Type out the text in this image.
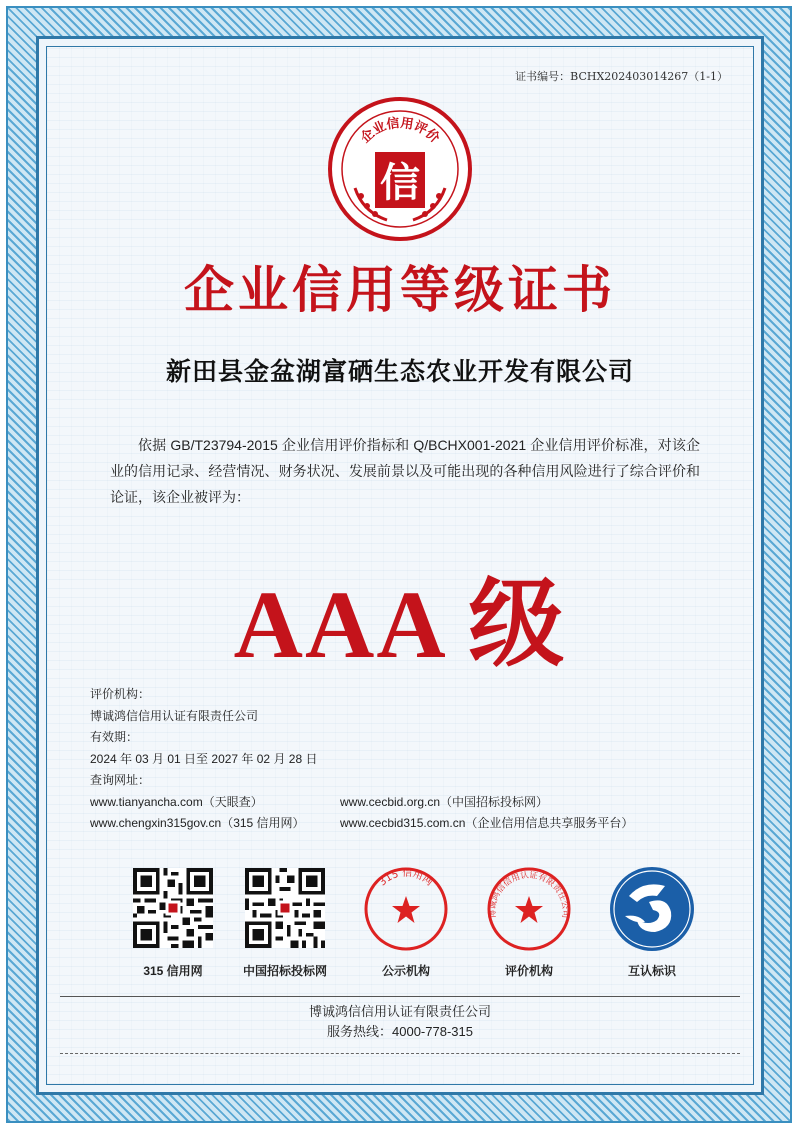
证书编号：BCHX202403014267（1-1）
企业信用评价
信
企业信用等级证书
新田县金盆湖富硒生态农业开发有限公司
依据 GB/T23794-2015 企业信用评价指标和 Q/BCHX001-2021 企业信用评价标准，对该企业的信用记录、经营情况、财务状况、发展前景以及可能出现的各种信用风险进行了综合评价和论证，该企业被评为：
AAA 级
评价机构：
博诚鸿信信用认证有限责任公司
有效期：
2024 年 03 月 01 日至 2027 年 02 月 28 日
查询网址：
www.tianyancha.com（天眼查）	www.cecbid.org.cn（中国招标投标网）
www.chengxin315gov.cn（315 信用网）	www.cecbid315.com.cn（企业信用信息共享服务平台）
315 信用网	中国招标投标网
315 信用网
公示机构
博诚鸿信信用认证有限责任公司
评价机构	互认标识
博诚鸿信信用认证有限责任公司
服务热线：4000-778-315
